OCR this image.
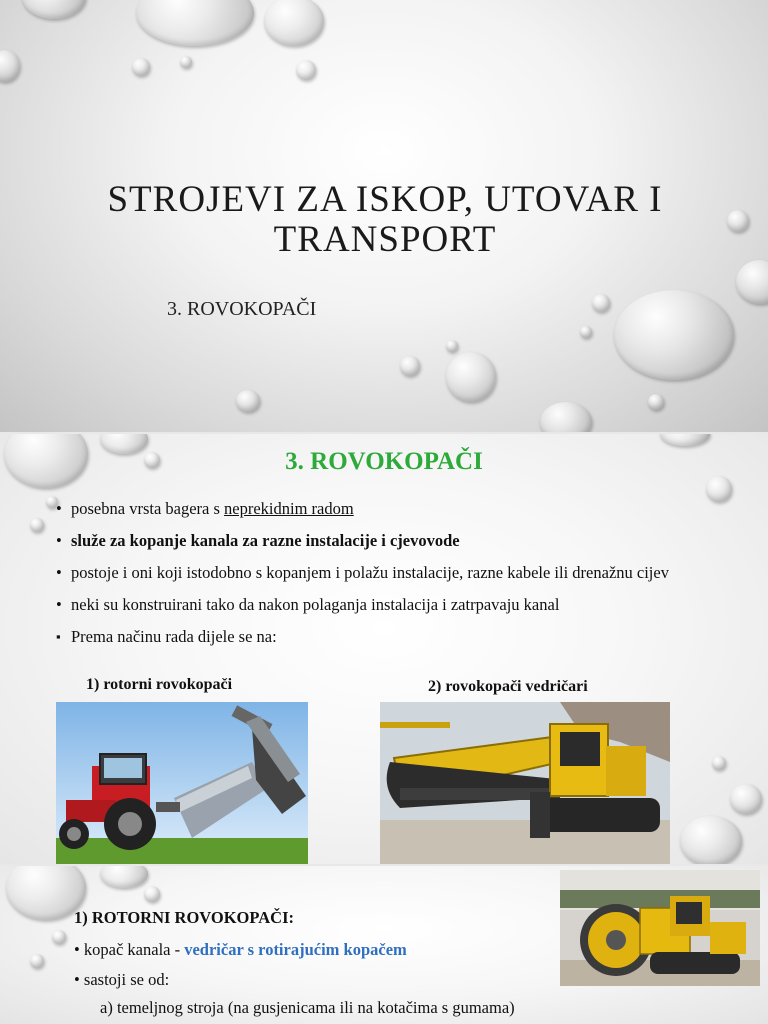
STROJEVI ZA ISKOP, UTOVAR I TRANSPORT
3. ROVOKOPAČI
3. ROVOKOPAČI
• posebna vrsta bagera s neprekidnim radom
• služe za kopanje kanala za razne instalacije i cjevovode
• postoje i oni koji istodobno s kopanjem i polažu instalacije, razne kabele ili drenažnu cijev
• neki su konstruirani tako da nakon polaganja instalacija i zatrpavaju kanal
▪ Prema načinu rada dijele se na:
1) rotorni rovokopači	2) rovokopači vedričari
1) ROTORNI ROVOKOPAČI:
• kopač kanala - vedričar s rotirajućim kopačem
• sastoji se od:
a) temeljnog stroja (na gusjenicama ili na kotačima s gumama)
